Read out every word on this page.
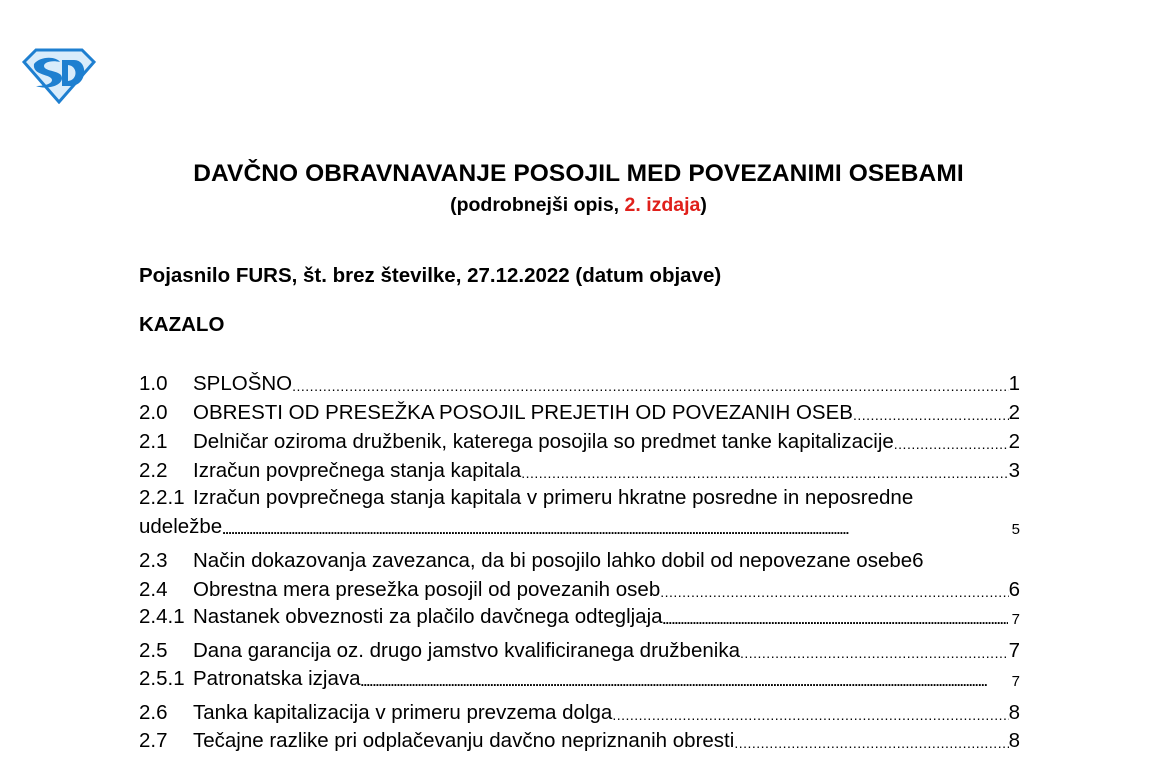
DAVČNO OBRAVNAVANJE POSOJIL MED POVEZANIMI OSEBAMI
(podrobnejši opis, 2. izdaja)
Pojasnilo FURS, št. brez številke, 27.12.2022 (datum objave)
KAZALO
1.0 SPLOŠNO .....	1
2.0 OBRESTI OD PRESEŽKA POSOJIL PREJETIH OD POVEZANIH OSEB .....	2
2.1 Delničar oziroma družbenik, katerega posojila so predmet tanke kapitalizacije .....	2
2.2 Izračun povprečnega stanja kapitala .....	3
2.2.1 Izračun povprečnega stanja kapitala v primeru hkratne posredne in neposredne
udeležbe .....	5
2.3 Način dokazovanja zavezanca, da bi posojilo lahko dobil od nepovezane osebe 6
2.4 Obrestna mera presežka posojil od povezanih oseb .....	6
2.4.1 Nastanek obveznosti za plačilo davčnega odtegljaja .....	7
2.5 Dana garancija oz. drugo jamstvo kvalificiranega družbenika .....	7
2.5.1 Patronatska izjava .....	7
2.6 Tanka kapitalizacija v primeru prevzema dolga .....	8
2.7 Tečajne razlike pri odplačevanju davčno nepriznanih obresti .....	8
